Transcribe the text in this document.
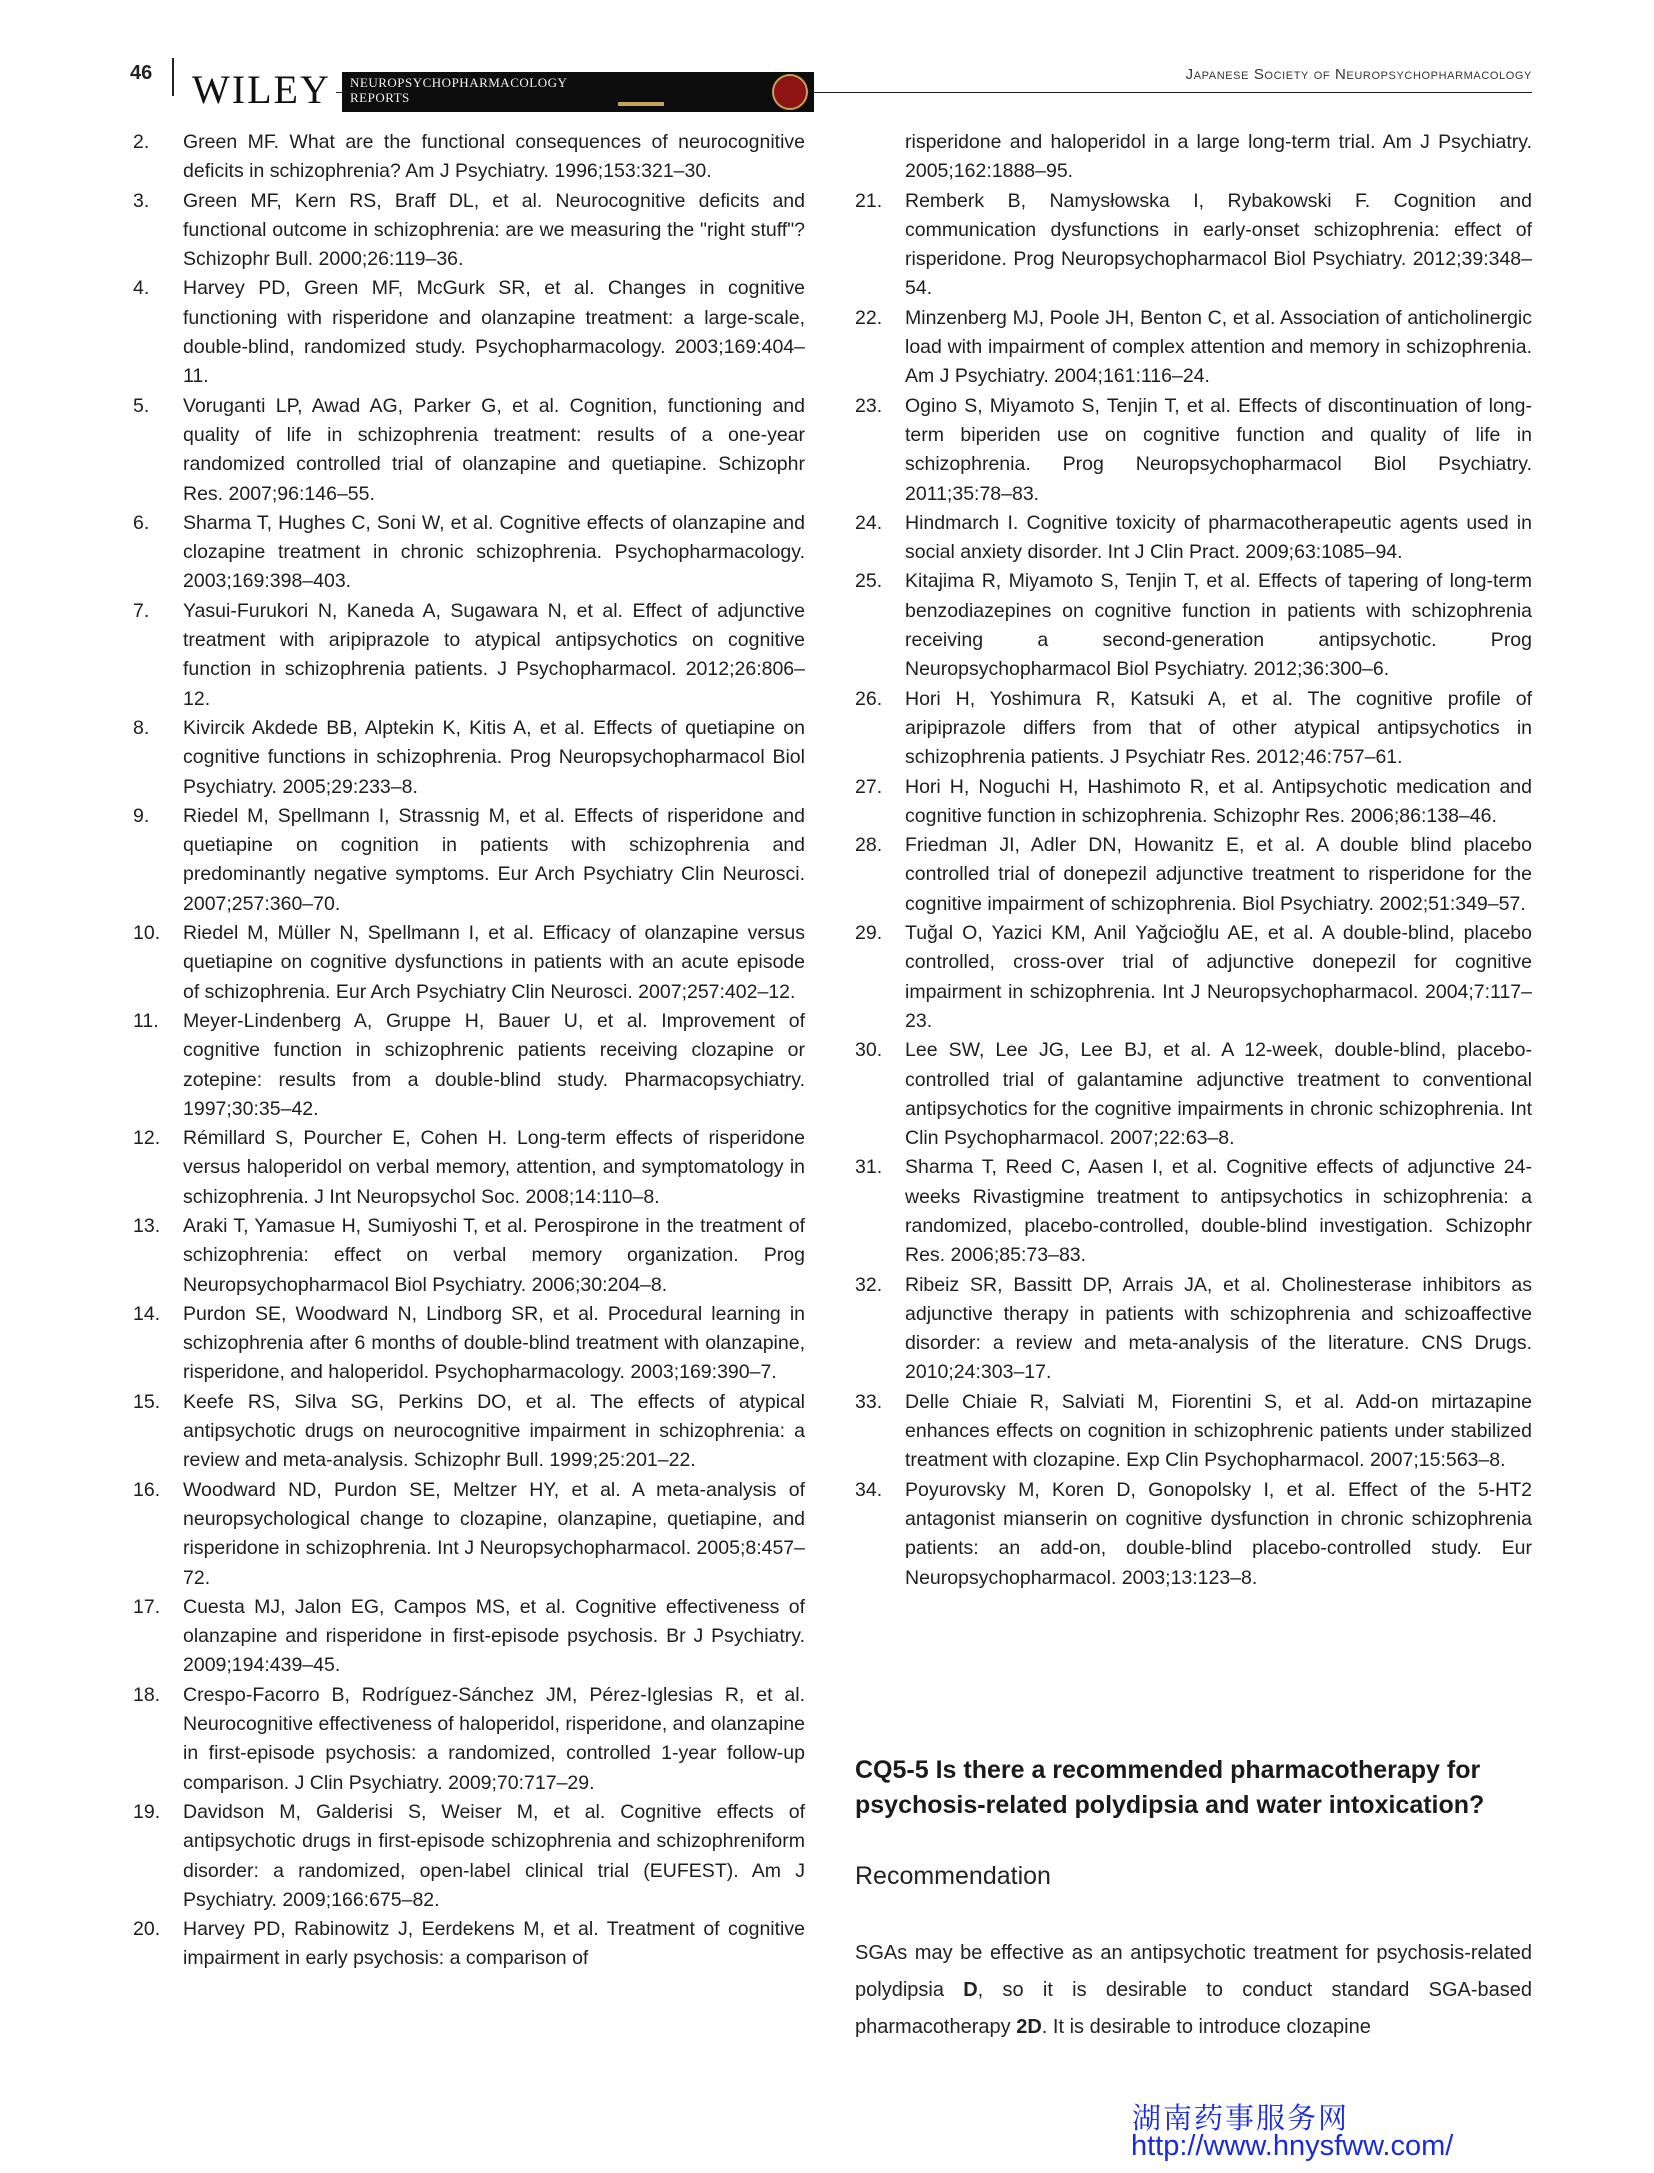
46 WILEY NEUROPSYCHOPHARMACOLOGY
REPORTS
Japanese Society of Neuropsychopharmacology

2.	Green MF. What are the functional consequences of neurocognitive deficits in schizophrenia? Am J Psychiatry. 1996;153:321–30.

3.	Green MF, Kern RS, Braff DL, et al. Neurocognitive deficits and functional outcome in schizophrenia: are we measuring the "right stuff"? Schizophr Bull. 2000;26:119–36.

4.	Harvey PD, Green MF, McGurk SR, et al. Changes in cognitive functioning with risperidone and olanzapine treatment: a large-scale, double-blind, randomized study. Psychopharmacology. 2003;169:404–11.

5.	Voruganti LP, Awad AG, Parker G, et al. Cognition, functioning and quality of life in schizophrenia treatment: results of a one-year randomized controlled trial of olanzapine and quetiapine. Schizophr Res. 2007;96:146–55.

6.	Sharma T, Hughes C, Soni W, et al. Cognitive effects of olanzapine and clozapine treatment in chronic schizophrenia. Psychopharmacology. 2003;169:398–403.

7.	Yasui-Furukori N, Kaneda A, Sugawara N, et al. Effect of adjunctive treatment with aripiprazole to atypical antipsychotics on cognitive function in schizophrenia patients. J Psychopharmacol. 2012;26:806–12.

8.	Kivircik Akdede BB, Alptekin K, Kitis A, et al. Effects of quetiapine on cognitive functions in schizophrenia. Prog Neuropsychopharmacol Biol Psychiatry. 2005;29:233–8.

9.	Riedel M, Spellmann I, Strassnig M, et al. Effects of risperidone and quetiapine on cognition in patients with schizophrenia and predominantly negative symptoms. Eur Arch Psychiatry Clin Neurosci. 2007;257:360–70.

10. Riedel M, Müller N, Spellmann I, et al. Efficacy of olanzapine versus quetiapine on cognitive dysfunctions in patients with an acute episode of schizophrenia. Eur Arch Psychiatry Clin Neurosci. 2007;257:402–12.

11. Meyer-Lindenberg A, Gruppe H, Bauer U, et al. Improvement of cognitive function in schizophrenic patients receiving clozapine or zotepine: results from a double-blind study. Pharmacopsychiatry. 1997;30:35–42.

12. Rémillard S, Pourcher E, Cohen H. Long-term effects of risperidone versus haloperidol on verbal memory, attention, and symptomatology in schizophrenia. J Int Neuropsychol Soc. 2008;14:110–8.

13. Araki T, Yamasue H, Sumiyoshi T, et al. Perospirone in the treatment of schizophrenia: effect on verbal memory organization. Prog Neuropsychopharmacol Biol Psychiatry. 2006;30:204–8.

14. Purdon SE, Woodward N, Lindborg SR, et al. Procedural learning in schizophrenia after 6 months of double-blind treatment with olanzapine, risperidone, and haloperidol. Psychopharmacology. 2003;169:390–7.

15. Keefe RS, Silva SG, Perkins DO, et al. The effects of atypical antipsychotic drugs on neurocognitive impairment in schizophrenia: a review and meta-analysis. Schizophr Bull. 1999;25:201–22.

16. Woodward ND, Purdon SE, Meltzer HY, et al. A meta-analysis of neuropsychological change to clozapine, olanzapine, quetiapine, and risperidone in schizophrenia. Int J Neuropsychopharmacol. 2005;8:457–72.

17. Cuesta MJ, Jalon EG, Campos MS, et al. Cognitive effectiveness of olanzapine and risperidone in first-episode psychosis. Br J Psychiatry. 2009;194:439–45.

18. Crespo-Facorro B, Rodríguez-Sánchez JM, Pérez-Iglesias R, et al. Neurocognitive effectiveness of haloperidol, risperidone, and olanzapine in first-episode psychosis: a randomized, controlled 1-year follow-up comparison. J Clin Psychiatry. 2009;70:717–29.

19. Davidson M, Galderisi S, Weiser M, et al. Cognitive effects of antipsychotic drugs in first-episode schizophrenia and schizophreniform disorder: a randomized, open-label clinical trial (EUFEST). Am J Psychiatry. 2009;166:675–82.

20. Harvey PD, Rabinowitz J, Eerdekens M, et al. Treatment of cognitive impairment in early psychosis: a comparison of

risperidone and haloperidol in a large long-term trial. Am J Psychiatry. 2005;162:1888–95.

21. Remberk B, Namysłowska I, Rybakowski F. Cognition and communication dysfunctions in early-onset schizophrenia: effect of risperidone. Prog Neuropsychopharmacol Biol Psychiatry. 2012;39:348–54.

22. Minzenberg MJ, Poole JH, Benton C, et al. Association of anticholinergic load with impairment of complex attention and memory in schizophrenia. Am J Psychiatry. 2004;161:116–24.

23. Ogino S, Miyamoto S, Tenjin T, et al. Effects of discontinuation of long-term biperiden use on cognitive function and quality of life in schizophrenia. Prog Neuropsychopharmacol Biol Psychiatry. 2011;35:78–83.

24. Hindmarch I. Cognitive toxicity of pharmacotherapeutic agents used in social anxiety disorder. Int J Clin Pract. 2009;63:1085–94.

25. Kitajima R, Miyamoto S, Tenjin T, et al. Effects of tapering of long-term benzodiazepines on cognitive function in patients with schizophrenia receiving a second-generation antipsychotic. Prog Neuropsychopharmacol Biol Psychiatry. 2012;36:300–6.

26. Hori H, Yoshimura R, Katsuki A, et al. The cognitive profile of aripiprazole differs from that of other atypical antipsychotics in schizophrenia patients. J Psychiatr Res. 2012;46:757–61.

27. Hori H, Noguchi H, Hashimoto R, et al. Antipsychotic medication and cognitive function in schizophrenia. Schizophr Res. 2006;86:138–46.

28. Friedman JI, Adler DN, Howanitz E, et al. A double blind placebo controlled trial of donepezil adjunctive treatment to risperidone for the cognitive impairment of schizophrenia. Biol Psychiatry. 2002;51:349–57.

29. Tuğal O, Yazici KM, Anil Yağcioğlu AE, et al. A double-blind, placebo controlled, cross-over trial of adjunctive donepezil for cognitive impairment in schizophrenia. Int J Neuropsychopharmacol. 2004;7:117–23.

30. Lee SW, Lee JG, Lee BJ, et al. A 12-week, double-blind, placebo-controlled trial of galantamine adjunctive treatment to conventional antipsychotics for the cognitive impairments in chronic schizophrenia. Int Clin Psychopharmacol. 2007;22:63–8.

31. Sharma T, Reed C, Aasen I, et al. Cognitive effects of adjunctive 24-weeks Rivastigmine treatment to antipsychotics in schizophrenia: a randomized, placebo-controlled, double-blind investigation. Schizophr Res. 2006;85:73–83.

32. Ribeiz SR, Bassitt DP, Arrais JA, et al. Cholinesterase inhibitors as adjunctive therapy in patients with schizophrenia and schizoaffective disorder: a review and meta-analysis of the literature. CNS Drugs. 2010;24:303–17.

33. Delle Chiaie R, Salviati M, Fiorentini S, et al. Add-on mirtazapine enhances effects on cognition in schizophrenic patients under stabilized treatment with clozapine. Exp Clin Psychopharmacol. 2007;15:563–8.

34. Poyurovsky M, Koren D, Gonopolsky I, et al. Effect of the 5-HT2 antagonist mianserin on cognitive dysfunction in chronic schizophrenia patients: an add-on, double-blind placebo-controlled study. Eur Neuropsychopharmacol. 2003;13:123–8.

CQ5-5 Is there a recommended pharmacotherapy for psychosis-related polydipsia and water intoxication?
Recommendation

SGAs may be effective as an antipsychotic treatment for psychosis-related polydipsia D, so it is desirable to conduct standard SGA-based pharmacotherapy 2D. It is desirable to introduce clozapine

湖南药事服务网
http://www.hnysfww.com/
